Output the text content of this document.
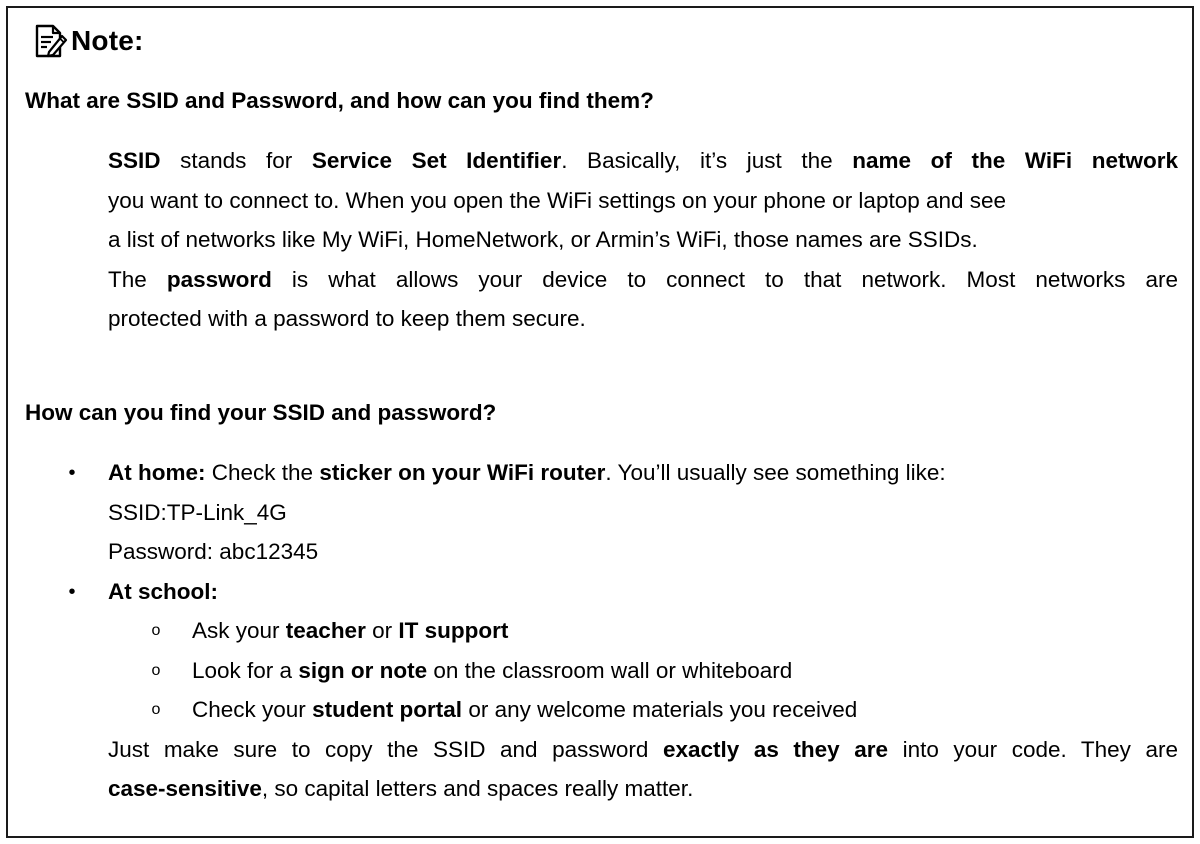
Note:
What are SSID and Password, and how can you find them?
SSID stands for Service Set Identifier. Basically, it’s just the name of the WiFi network
you want to connect to. When you open the WiFi settings on your phone or laptop and see
a list of networks like My WiFi, HomeNetwork, or Armin’s WiFi, those names are SSIDs.
The password is what allows your device to connect to that network. Most networks are
protected with a password to keep them secure.
How can you find your SSID and password?
• At home: Check the sticker on your WiFi router. You’ll usually see something like:
SSID:TP-Link_4G
Password: abc12345
• At school:
o Ask your teacher or IT support
o Look for a sign or note on the classroom wall or whiteboard
o Check your student portal or any welcome materials you received
Just make sure to copy the SSID and password exactly as they are into your code. They are
case-sensitive, so capital letters and spaces really matter.
